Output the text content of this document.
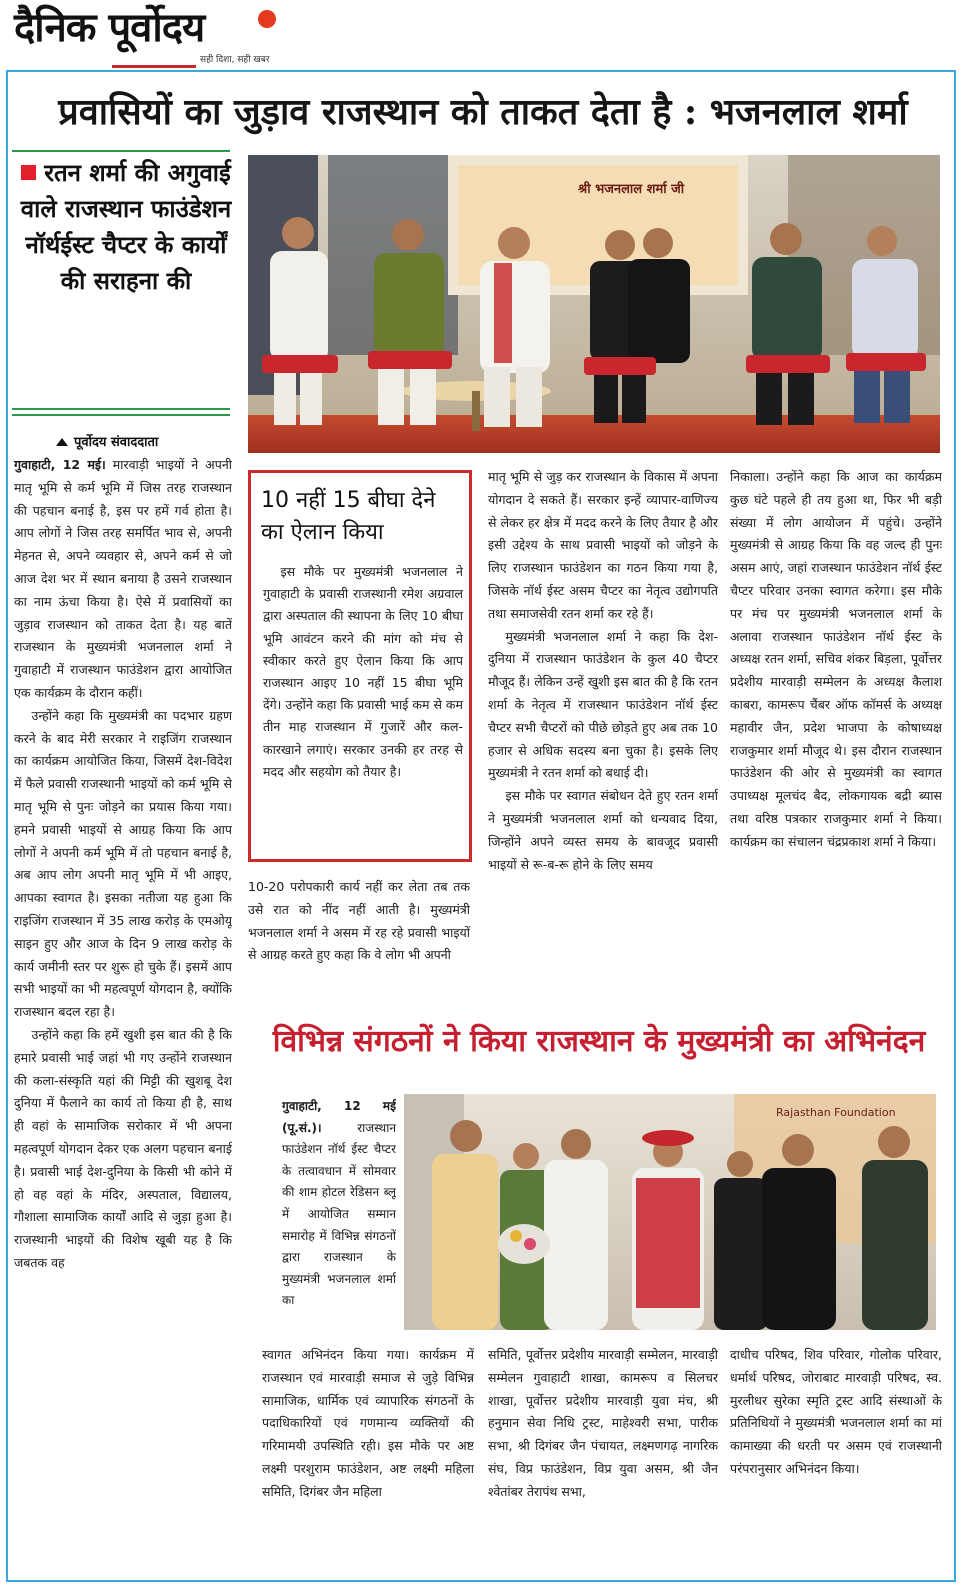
दैनिक पूर्वोदय
सही दिशा, सही खबर
प्रवासियों का जुड़ाव राजस्थान को ताकत देता है : भजनलाल शर्मा
रतन शर्मा की अगुवाई वाले राजस्थान फाउंडेशन नॉर्थईस्ट चैप्टर के कार्यों की सराहना की
पूर्वोदय संवाददाता

गुवाहाटी, 12 मई। मारवाड़ी भाइयों ने अपनी मातृ भूमि से कर्म भूमि में जिस तरह राजस्थान की पहचान बनाई है, इस पर हमें गर्व होता है। आप लोगों ने जिस तरह समर्पित भाव से, अपनी मेहनत से, अपने व्यवहार से, अपने कर्म से जो आज देश भर में स्थान बनाया है उसने राजस्थान का नाम ऊंचा किया है। ऐसे में प्रवासियों का जुड़ाव राजस्थान को ताकत देता है। यह बातें राजस्थान के मुख्यमंत्री भजनलाल शर्मा ने गुवाहाटी में राजस्थान फाउंडेशन द्वारा आयोजित एक कार्यक्रम के दौरान कहीं।

उन्होंने कहा कि मुख्यमंत्री का पदभार ग्रहण करने के बाद मेरी सरकार ने राइजिंग राजस्थान का कार्यक्रम आयोजित किया, जिसमें देश-विदेश में फैले प्रवासी राजस्थानी भाइयों को कर्म भूमि से मातृ भूमि से पुनः जोड़ने का प्रयास किया गया। हमने प्रवासी भाइयों से आग्रह किया कि आप लोगों ने अपनी कर्म भूमि में तो पहचान बनाई है, अब आप लोग अपनी मातृ भूमि में भी आइए, आपका स्वागत है। इसका नतीजा यह हुआ कि राइजिंग राजस्थान में 35 लाख करोड़ के एमओयू साइन हुए और आज के दिन 9 लाख करोड़ के कार्य जमीनी स्तर पर शुरू हो चुके हैं। इसमें आप सभी भाइयों का भी महत्वपूर्ण योगदान है, क्योंकि राजस्थान बदल रहा है।

उन्होंने कहा कि हमें खुशी इस बात की है कि हमारे प्रवासी भाई जहां भी गए उन्होंने राजस्थान की कला-संस्कृति यहां की मिट्टी की खुशबू देश दुनिया में फैलाने का कार्य तो किया ही है, साथ ही वहां के सामाजिक सरोकार में भी अपना महत्वपूर्ण योगदान देकर एक अलग पहचान बनाई है। प्रवासी भाई देश-दुनिया के किसी भी कोने में हो वह वहां के मंदिर, अस्पताल, विद्यालय, गौशाला सामाजिक कार्यों आदि से जुड़ा हुआ है। राजस्थानी भाइयों की विशेष खूबी यह है कि जबतक वह

श्री भजनलाल शर्मा जी
10 नहीं 15 बीघा देने का ऐलान किया

इस मौके पर मुख्यमंत्री भजनलाल ने गुवाहाटी के प्रवासी राजस्थानी रमेश अग्रवाल द्वारा अस्पताल की स्थापना के लिए 10 बीघा भूमि आवंटन करने की मांग को मंच से स्वीकार करते हुए ऐलान किया कि आप राजस्थान आइए 10 नहीं 15 बीघा भूमि देंगे। उन्होंने कहा कि प्रवासी भाई कम से कम तीन माह राजस्थान में गुजारें और कल-कारखाने लगाएं। सरकार उनकी हर तरह से मदद और सहयोग को तैयार है।

10-20 परोपकारी कार्य नहीं कर लेता तब तक उसे रात को नींद नहीं आती है। मुख्यमंत्री भजनलाल शर्मा ने असम में रह रहे प्रवासी भाइयों से आग्रह करते हुए कहा कि वे लोग भी अपनी

मातृ भूमि से जुड़ कर राजस्थान के विकास में अपना योगदान दे सकते हैं। सरकार इन्हें व्यापार-वाणिज्य से लेकर हर क्षेत्र में मदद करने के लिए तैयार है और इसी उद्देश्य के साथ प्रवासी भाइयों को जोड़ने के लिए राजस्थान फाउंडेशन का गठन किया गया है, जिसके नॉर्थ ईस्ट असम चैप्टर का नेतृत्व उद्योगपति तथा समाजसेवी रतन शर्मा कर रहे हैं।

मुख्यमंत्री भजनलाल शर्मा ने कहा कि देश-दुनिया में राजस्थान फाउंडेशन के कुल 40 चैप्टर मौजूद हैं। लेकिन उन्हें खुशी इस बात की है कि रतन शर्मा के नेतृत्व में राजस्थान फाउंडेशन नॉर्थ ईस्ट चैप्टर सभी चैप्टरों को पीछे छोड़ते हुए अब तक 10 हजार से अधिक सदस्य बना चुका है। इसके लिए मुख्यमंत्री ने रतन शर्मा को बधाई दी।

इस मौके पर स्वागत संबोधन देते हुए रतन शर्मा ने मुख्यमंत्री भजनलाल शर्मा को धन्यवाद दिया, जिन्होंने अपने व्यस्त समय के बावजूद प्रवासी भाइयों से रू-ब-रू होने के लिए समय

निकाला। उन्होंने कहा कि आज का कार्यक्रम कुछ घंटे पहले ही तय हुआ था, फिर भी बड़ी संख्या में लोग आयोजन में पहुंचे। उन्होंने मुख्यमंत्री से आग्रह किया कि वह जल्द ही पुनः असम आएं, जहां राजस्थान फाउंडेशन नॉर्थ ईस्ट चैप्टर परिवार उनका स्वागत करेगा। इस मौके पर मंच पर मुख्यमंत्री भजनलाल शर्मा के अलावा राजस्थान फाउंडेशन नॉर्थ ईस्ट के अध्यक्ष रतन शर्मा, सचिव शंकर बिड़ला, पूर्वोत्तर प्रदेशीय मारवाड़ी सम्मेलन के अध्यक्ष कैलाश काबरा, कामरूप चैंबर ऑफ कॉमर्स के अध्यक्ष महावीर जैन, प्रदेश भाजपा के कोषाध्यक्ष राजकुमार शर्मा मौजूद थे। इस दौरान राजस्थान फाउंडेशन की ओर से मुख्यमंत्री का स्वागत उपाध्यक्ष मूलचंद बैद, लोकगायक बद्री ब्यास तथा वरिष्ठ पत्रकार राजकुमार शर्मा ने किया। कार्यक्रम का संचालन चंद्रप्रकाश शर्मा ने किया।

विभिन्न संगठनों ने किया राजस्थान के मुख्यमंत्री का अभिनंदन

गुवाहाटी, 12 मई (पू.सं.)।	राजस्थान फाउंडेशन नॉर्थ ईस्ट चैप्टर के तत्वावधान में सोमवार की शाम होटल रेडिसन ब्लू में आयोजित सम्मान समारोह में विभिन्न संगठनों द्वारा राजस्थान के मुख्यमंत्री भजनलाल शर्मा का

Rajasthan Foundation

स्वागत अभिनंदन किया गया। कार्यक्रम में राजस्थान एवं मारवाड़ी समाज से जुड़े विभिन्न सामाजिक, धार्मिक एवं व्यापारिक संगठनों के पदाधिकारियों एवं गणमान्य व्यक्तियों की गरिमामयी उपस्थिति रही। इस मौके पर अष्ट लक्ष्मी परशुराम फाउंडेशन, अष्ट लक्ष्मी महिला समिति, दिगंबर जैन महिला

समिति, पूर्वोत्तर प्रदेशीय मारवाड़ी सम्मेलन, मारवाड़ी सम्मेलन गुवाहाटी शाखा, कामरूप व सिलचर शाखा, पूर्वोत्तर प्रदेशीय मारवाड़ी युवा मंच, श्री हनुमान सेवा निधि ट्रस्ट, माहेश्वरी सभा, पारीक सभा, श्री दिगंबर जैन पंचायत, लक्ष्मणगढ़ नागरिक संघ, विप्र फाउंडेशन, विप्र युवा असम, श्री जैन श्वेतांबर तेरापंथ सभा,

दाधीच परिषद, शिव परिवार, गोलोक परिवार, धर्मार्थ परिषद, जोराबाट मारवाड़ी परिषद, स्व. मुरलीधर सुरेका स्मृति ट्रस्ट आदि संस्थाओं के प्रतिनिधियों ने मुख्यमंत्री भजनलाल शर्मा का मां कामाख्या की धरती पर असम एवं राजस्थानी परंपरानुसार अभिनंदन किया।
